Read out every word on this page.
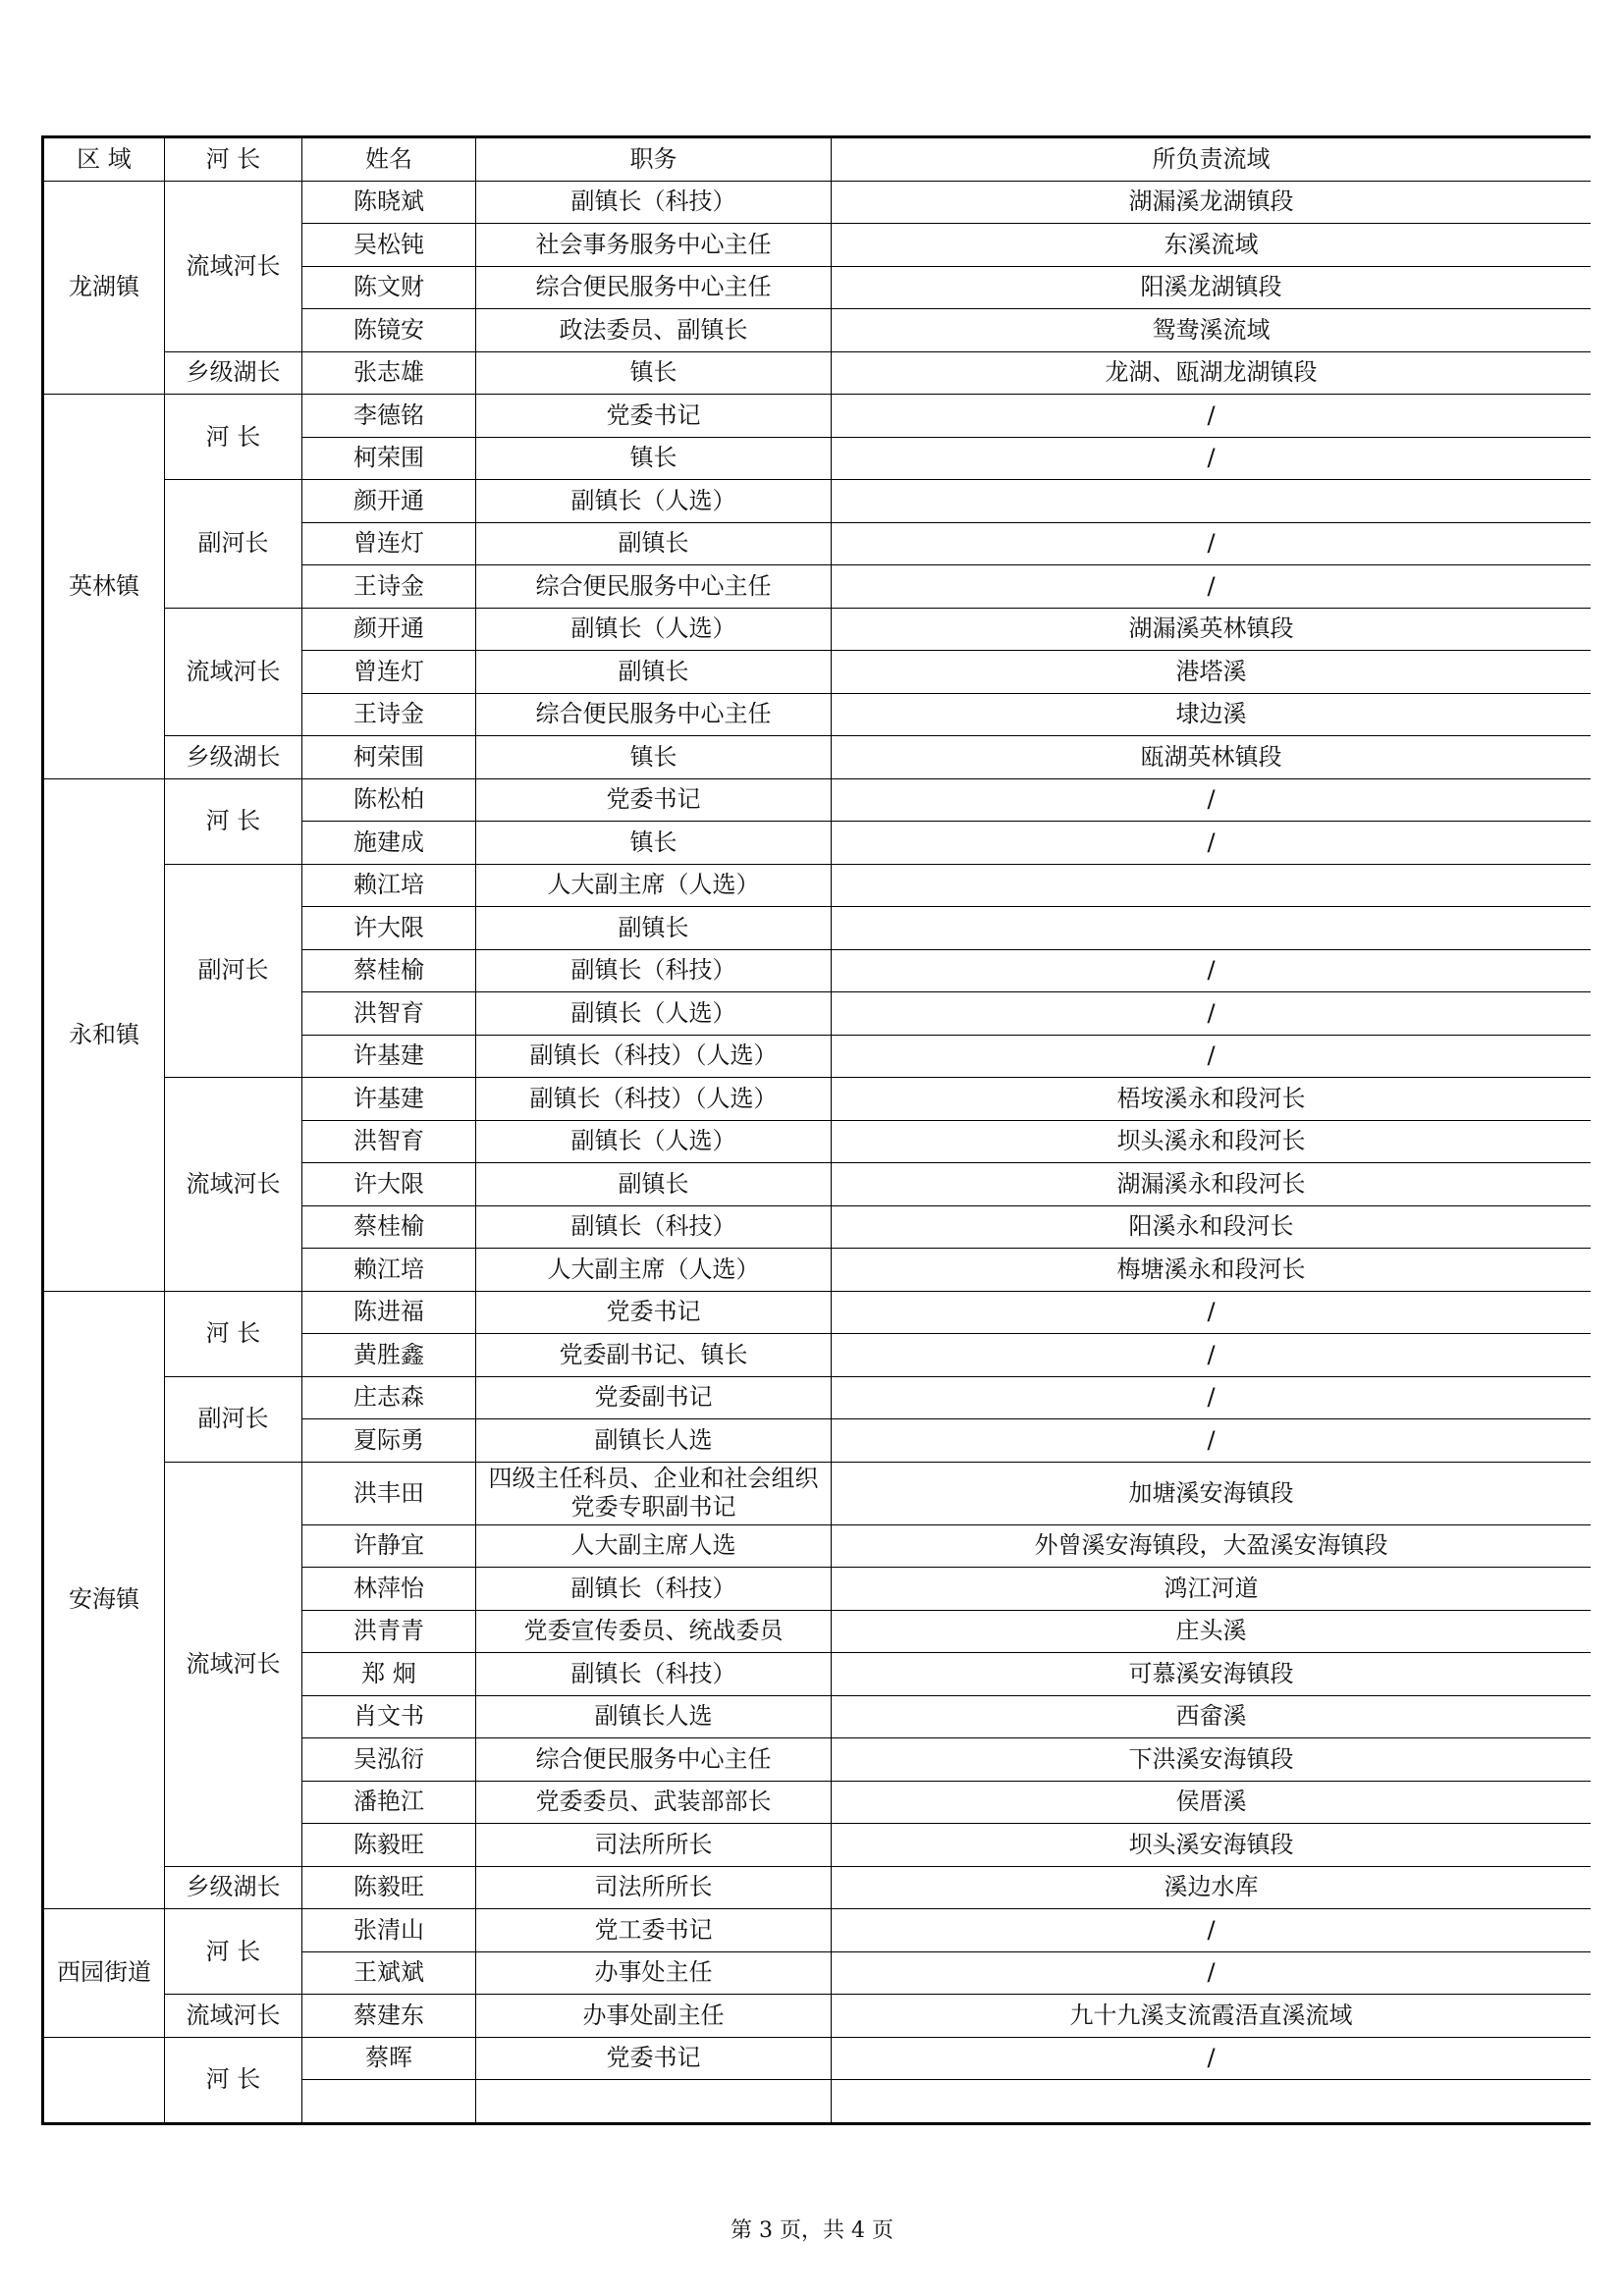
区 域	河 长	姓名	职务	所负责流域
龙湖镇	流域河长	陈晓斌	副镇长（科技）	湖漏溪龙湖镇段
		吴松钝	社会事务服务中心主任	东溪流域
		陈文财	综合便民服务中心主任	阳溪龙湖镇段
		陈镜安	政法委员、副镇长	鸳鸯溪流域
	乡级湖长	张志雄	镇长	龙湖、瓯湖龙湖镇段
英林镇	河 长	李德铭	党委书记	/
		柯荣围	镇长	/
	副河长	颜开通	副镇长（人选）	
		曾连灯	副镇长	/
		王诗金	综合便民服务中心主任	/
	流域河长	颜开通	副镇长（人选）	湖漏溪英林镇段
		曾连灯	副镇长	港塔溪
		王诗金	综合便民服务中心主任	埭边溪
	乡级湖长	柯荣围	镇长	瓯湖英林镇段
永和镇	河 长	陈松柏	党委书记	/
		施建成	镇长	/
	副河长	赖江培	人大副主席（人选）	
		许大限	副镇长	
		蔡桂榆	副镇长（科技）	/
		洪智育	副镇长（人选）	/
		许基建	副镇长（科技）（人选）	/
	流域河长	许基建	副镇长（科技）（人选）	梧垵溪永和段河长
		洪智育	副镇长（人选）	坝头溪永和段河长
		许大限	副镇长	湖漏溪永和段河长
		蔡桂榆	副镇长（科技）	阳溪永和段河长
		赖江培	人大副主席（人选）	梅塘溪永和段河长
安海镇	河 长	陈进福	党委书记	/
		黄胜鑫	党委副书记、镇长	/
	副河长	庄志森	党委副书记	/
		夏际勇	副镇长人选	/
	流域河长	洪丰田	四级主任科员、企业和社会组织党委专职副书记	加塘溪安海镇段
		许静宜	人大副主席人选	外曾溪安海镇段，大盈溪安海镇段
		林萍怡	副镇长（科技）	鸿江河道
		洪青青	党委宣传委员、统战委员	庄头溪
		郑 炯	副镇长（科技）	可慕溪安海镇段
		肖文书	副镇长人选	西畲溪
		吴泓衍	综合便民服务中心主任	下洪溪安海镇段
		潘艳江	党委委员、武装部部长	侯厝溪
		陈毅旺	司法所所长	坝头溪安海镇段
	乡级湖长	陈毅旺	司法所所长	溪边水库
西园街道	河 长	张清山	党工委书记	/
		王斌斌	办事处主任	/
	流域河长	蔡建东	办事处副主任	九十九溪支流霞浯直溪流域
	河 长	蔡晖	党委书记	/

第 3 页，共 4 页
